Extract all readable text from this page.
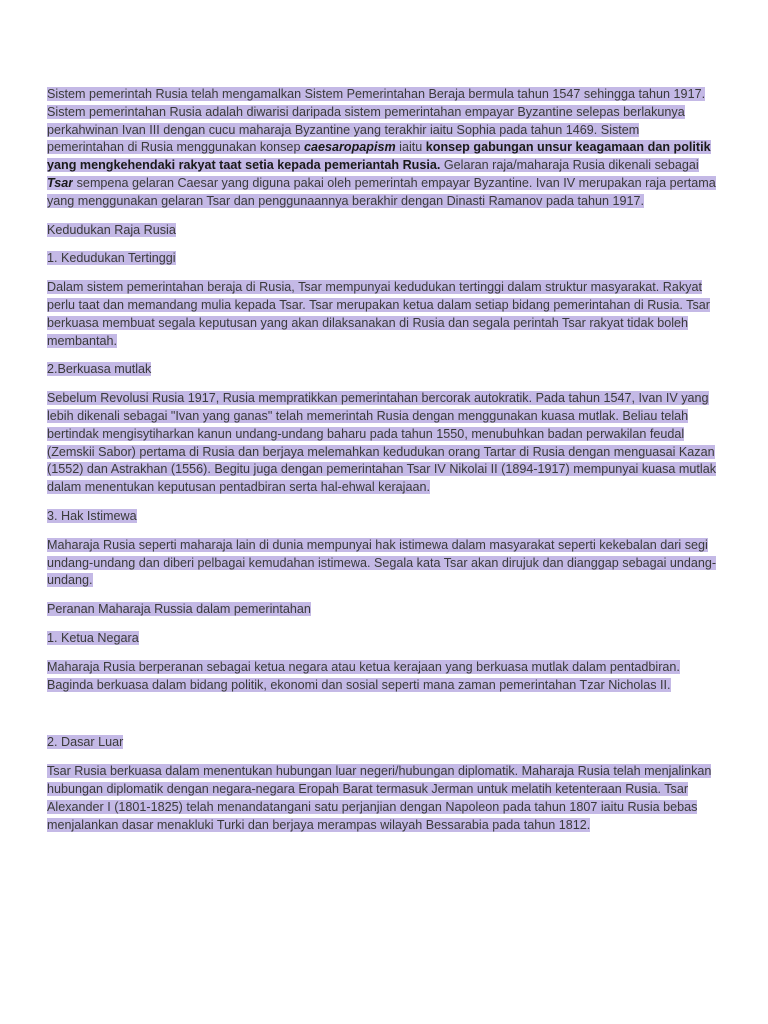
Sistem pemerintah Rusia telah mengamalkan Sistem Pemerintahan Beraja bermula tahun 1547 sehingga tahun 1917. Sistem pemerintahan Rusia adalah diwarisi daripada sistem pemerintahan empayar Byzantine selepas berlakunya perkahwinan Ivan III dengan cucu maharaja Byzantine yang terakhir iaitu Sophia pada tahun 1469. Sistem pemerintahan di Rusia menggunakan konsep caesaropapism iaitu konsep gabungan unsur keagamaan dan politik yang mengkehendaki rakyat taat setia kepada pemeriantah Rusia. Gelaran raja/maharaja Rusia dikenali sebagai Tsar sempena gelaran Caesar yang diguna pakai oleh pemerintah empayar Byzantine. Ivan IV merupakan raja pertama yang menggunakan gelaran Tsar dan penggunaannya berakhir dengan Dinasti Ramanov pada tahun 1917.

Kedudukan Raja Rusia

1. Kedudukan Tertinggi

Dalam sistem pemerintahan beraja di Rusia, Tsar mempunyai kedudukan tertinggi dalam struktur masyarakat. Rakyat perlu taat dan memandang mulia kepada Tsar. Tsar merupakan ketua dalam setiap bidang pemerintahan di Rusia. Tsar berkuasa membuat segala keputusan yang akan dilaksanakan di Rusia dan segala perintah Tsar rakyat tidak boleh membantah.

2.Berkuasa mutlak

Sebelum Revolusi Rusia 1917, Rusia mempratikkan pemerintahan bercorak autokratik. Pada tahun 1547, Ivan IV yang lebih dikenali sebagai "Ivan yang ganas" telah memerintah Rusia dengan menggunakan kuasa mutlak. Beliau telah bertindak mengisytiharkan kanun undang-undang baharu pada tahun 1550, menubuhkan badan perwakilan feudal (Zemskii Sabor) pertama di Rusia dan berjaya melemahkan kedudukan orang Tartar di Rusia dengan menguasai Kazan (1552) dan Astrakhan (1556). Begitu juga dengan pemerintahan Tsar IV Nikolai II (1894-1917) mempunyai kuasa mutlak dalam menentukan keputusan pentadbiran serta hal-ehwal kerajaan.

3. Hak Istimewa

Maharaja Rusia seperti maharaja lain di dunia mempunyai hak istimewa dalam masyarakat seperti kekebalan dari segi undang-undang dan diberi pelbagai kemudahan istimewa. Segala kata Tsar akan dirujuk dan dianggap sebagai undang-undang.

Peranan Maharaja Russia dalam pemerintahan

1. Ketua Negara

Maharaja Rusia berperanan sebagai ketua negara atau ketua kerajaan yang berkuasa mutlak dalam pentadbiran. Baginda berkuasa dalam bidang politik, ekonomi dan sosial seperti mana zaman pemerintahan Tzar Nicholas II.

2. Dasar Luar

Tsar Rusia berkuasa dalam menentukan hubungan luar negeri/hubungan diplomatik. Maharaja Rusia telah menjalinkan hubungan diplomatik dengan negara-negara Eropah Barat termasuk Jerman untuk melatih ketenteraan Rusia. Tsar Alexander I (1801-1825) telah menandatangani satu perjanjian dengan Napoleon pada tahun 1807 iaitu Rusia bebas menjalankan dasar menakluki Turki dan berjaya merampas wilayah Bessarabia pada tahun 1812.
